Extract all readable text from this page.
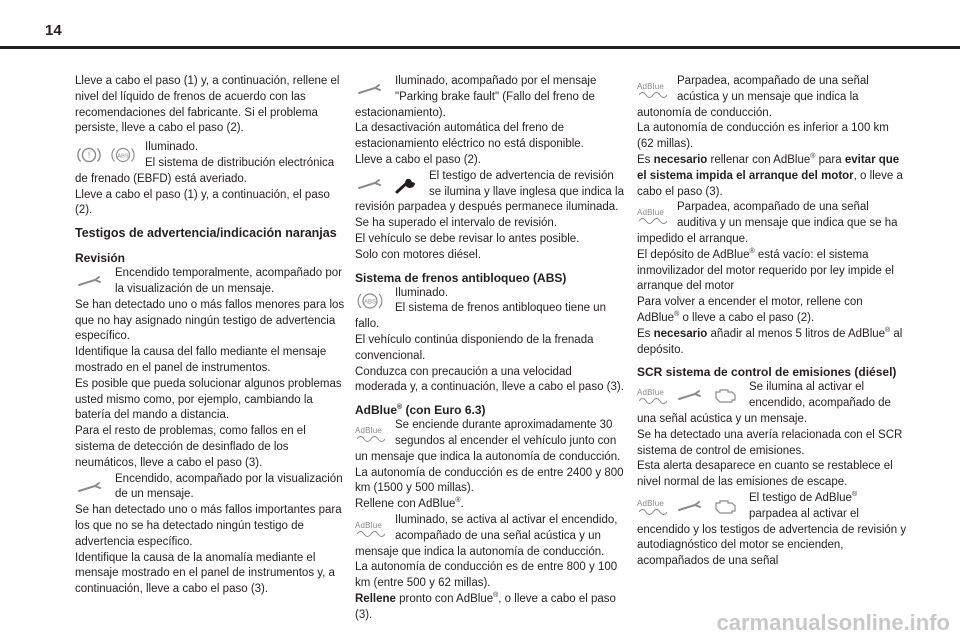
14

Lleve a cabo el paso (1) y, a continuación, rellene el nivel del líquido de frenos de acuerdo con las recomendaciones del fabricante. Si el problema persiste, lleve a cabo el paso (2).

!	ABS

Iluminado.

El sistema de distribución electrónica de frenado (EBFD) está averiado.

Lleve a cabo el paso (1) y, a continuación, el paso (2).

Testigos de advertencia/indicación naranjas

Revisión

Encendido temporalmente, acompañado por la visualización de un mensaje.

Se han detectado uno o más fallos menores para los que no hay asignado ningún testigo de advertencia específico.

Identifique la causa del fallo mediante el mensaje mostrado en el panel de instrumentos.

Es posible que pueda solucionar algunos problemas usted mismo como, por ejemplo, cambiando la batería del mando a distancia.

Para el resto de problemas, como fallos en el sistema de detección de desinflado de los neumáticos, lleve a cabo el paso (3).

Encendido, acompañado por la visualización de un mensaje.

Se han detectado uno o más fallos importantes para los que no se ha detectado ningún testigo de advertencia específico.

Identifique la causa de la anomalía mediante el mensaje mostrado en el panel de instrumentos y, a continuación, lleve a cabo el paso (3).

Iluminado, acompañado por el mensaje "Parking brake fault" (Fallo del freno de estacionamiento).

La desactivación automática del freno de estacionamiento eléctrico no está disponible.

Lleve a cabo el paso (2).

El testigo de advertencia de revisión se ilumina y llave inglesa que indica la revisión parpadea y después permanece iluminada.

Se ha superado el intervalo de revisión.

El vehículo se debe revisar lo antes posible.

Solo con motores diésel.

Sistema de frenos antibloqueo (ABS)

ABS

Iluminado.

El sistema de frenos antibloqueo tiene un fallo.

El vehículo continúa disponiendo de la frenada convencional.

Conduzca con precaución a una velocidad moderada y, a continuación, lleve a cabo el paso (3).

AdBlue® (con Euro 6.3)

AdBlue	Se enciende durante aproximadamente 30 segundos al encender el vehículo junto con un mensaje que indica la autonomía de conducción.

La autonomía de conducción es de entre 2400 y 800 km (1500 y 500 millas).

Rellene con AdBlue®.

AdBlue	Iluminado, se activa al activar el encendido, acompañado de una señal acústica y un mensaje que indica la autonomía de conducción.

La autonomía de conducción es de entre 800 y 100 km (entre 500 y 62 millas).

Rellene pronto con AdBlue®, o lleve a cabo el paso (3).

AdBlue	Parpadea, acompañado de una señal acústica y un mensaje que indica la autonomía de conducción.

La autonomía de conducción es inferior a 100 km (62 millas).

Es necesario rellenar con AdBlue® para evitar que el sistema impida el arranque del motor, o lleve a cabo el paso (3).

AdBlue	Parpadea, acompañado de una señal auditiva y un mensaje que indica que se ha impedido el arranque.

El depósito de AdBlue® está vacío: el sistema inmovilizador del motor requerido por ley impide el arranque del motor

Para volver a encender el motor, rellene con AdBlue® o lleve a cabo el paso (2).

Es necesario añadir al menos 5 litros de AdBlue® al depósito.

SCR sistema de control de emisiones (diésel)

AdBlue	Se ilumina al activar el encendido, acompañado de una señal acústica y un mensaje.

Se ha detectado una avería relacionada con el SCR sistema de control de emisiones.

Esta alerta desaparece en cuanto se restablece el nivel normal de las emisiones de escape.

AdBlue	El testigo de AdBlue® parpadea al activar el encendido y los testigos de advertencia de revisión y autodiagnóstico del motor se encienden, acompañados de una señal

carmanualsonline.info
